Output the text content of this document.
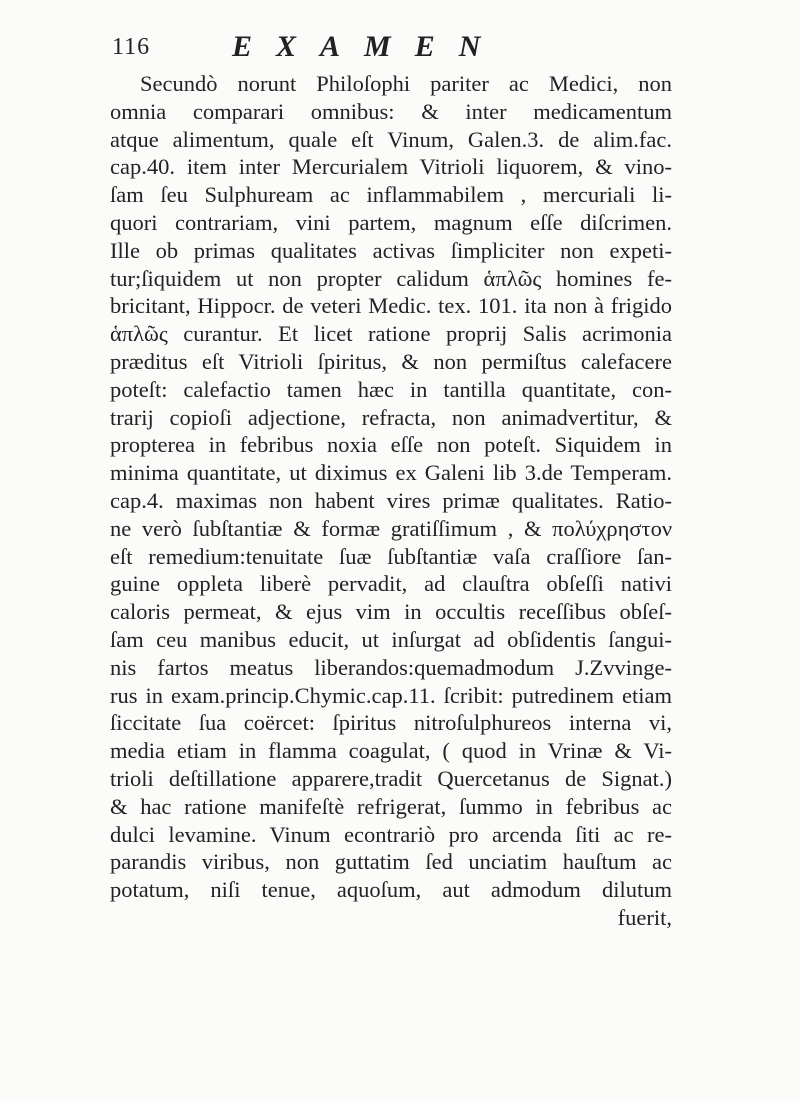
116	EXAMEN
Secundò norunt Philoſophi pariter ac Medici, non
omnia comparari omnibus: & inter medicamentum
atque alimentum, quale eſt Vinum, Galen.3. de alim.fac.
cap.40. item inter Mercurialem Vitrioli liquorem, & vino-
ſam ſeu Sulphuream ac inflammabilem , mercuriali li-
quori contrariam, vini partem, magnum eſſe diſcrimen.
Ille ob primas qualitates activas ſimpliciter non expeti-
tur;ſiquidem ut non propter calidum ἁπλῶς homines fe-
bricitant, Hippocr. de veteri Medic. tex. 101. ita non à frigido
ἁπλῶς curantur. Et licet ratione proprij Salis acrimonia
præditus eſt Vitrioli ſpiritus, & non permiſtus calefacere
poteſt: calefactio tamen hæc in tantilla quantitate, con-
trarij copioſi adjectione, refracta, non animadvertitur, &
propterea in febribus noxia eſſe non poteſt. Siquidem in
minima quantitate, ut diximus ex Galeni lib 3.de Temperam.
cap.4. maximas non habent vires primæ qualitates. Ratio-
ne verò ſubſtantiæ & formæ gratiſſimum , & πολύχρηστον
eſt remedium:tenuitate ſuæ ſubſtantiæ vaſa craſſiore ſan-
guine oppleta liberè pervadit, ad clauſtra obſeſſi nativi
caloris permeat, & ejus vim in occultis receſſibus obſeſ-
ſam ceu manibus educit, ut inſurgat ad obſidentis ſangui-
nis fartos meatus liberandos:quemadmodum J.Zvvinge-
rus in exam.princip.Chymic.cap.11. ſcribit: putredinem etiam
ſiccitate ſua coërcet: ſpiritus nitroſulphureos interna vi,
media etiam in flamma coagulat, ( quod in Vrinæ & Vi-
trioli deſtillatione apparere,tradit Quercetanus de Signat.)
& hac ratione manifeſtè refrigerat, ſummo in febribus ac
dulci levamine. Vinum econtrariò pro arcenda ſiti ac re-
parandis viribus, non guttatim ſed unciatim hauſtum ac
potatum, niſi tenue, aquoſum, aut admodum dilutum
fuerit,
